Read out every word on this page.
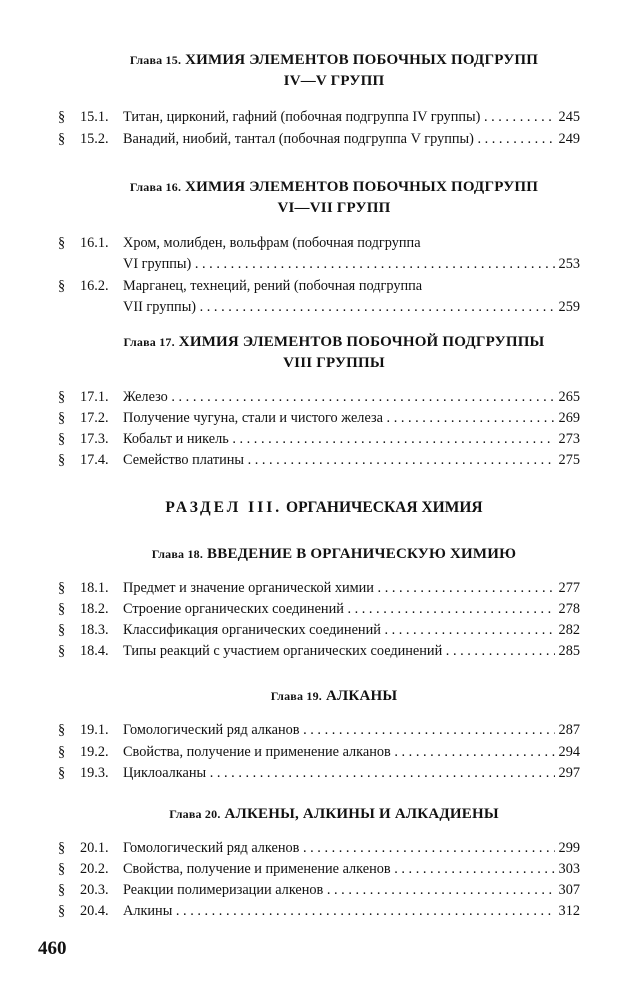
Глава 15. ХИМИЯ ЭЛЕМЕНТОВ ПОБОЧНЫХ ПОДГРУПП
IV—V ГРУПП
§	15.1. Титан, цирконий, гафний (побочная подгруппа IV группы)	245
. . .
§	15.2. Ванадий, ниобий, тантал (побочная подгруппа V группы)	249
. . .
Глава 16. ХИМИЯ ЭЛЕМЕНТОВ ПОБОЧНЫХ ПОДГРУПП
VI—VII ГРУПП
§	16.1. Хром, молибден, вольфрам (побочная подгруппа
VI группы)	253
. . .
§	16.2. Марганец, технеций, рений (побочная подгруппа
VII группы)	259
. . .
Глава 17. ХИМИЯ ЭЛЕМЕНТОВ ПОБОЧНОЙ ПОДГРУППЫ
VIII ГРУППЫ
§	17.1. Железо	265
. . .
§	17.2. Получение чугуна, стали и чистого железа	269
. . .
§	17.3. Кобальт и никель	273
. . .
§	17.4. Семейство платины	275
. . .
РАЗДЕЛ III. ОРГАНИЧЕСКАЯ ХИМИЯ
Глава 18. ВВЕДЕНИЕ В ОРГАНИЧЕСКУЮ ХИМИЮ
§	18.1. Предмет и значение органической химии	277
. . .
§	18.2. Строение органических соединений	278
. . .
§	18.3. Классификация органических соединений	282
. . .
§	18.4. Типы реакций с участием органических соединений	285
. . .
Глава 19. АЛКАНЫ
§	19.1. Гомологический ряд алканов	287
. . .
§	19.2. Свойства, получение и применение алканов	294
. . .
§	19.3. Циклоалканы	297
. . .
Глава 20. АЛКЕНЫ, АЛКИНЫ И АЛКАДИЕНЫ
§	20.1. Гомологический ряд алкенов	299
. . .
§	20.2. Свойства, получение и применение алкенов	303
. . .
§	20.3. Реакции полимеризации алкенов	307
. . .
§	20.4. Алкины	312
. . .
460
